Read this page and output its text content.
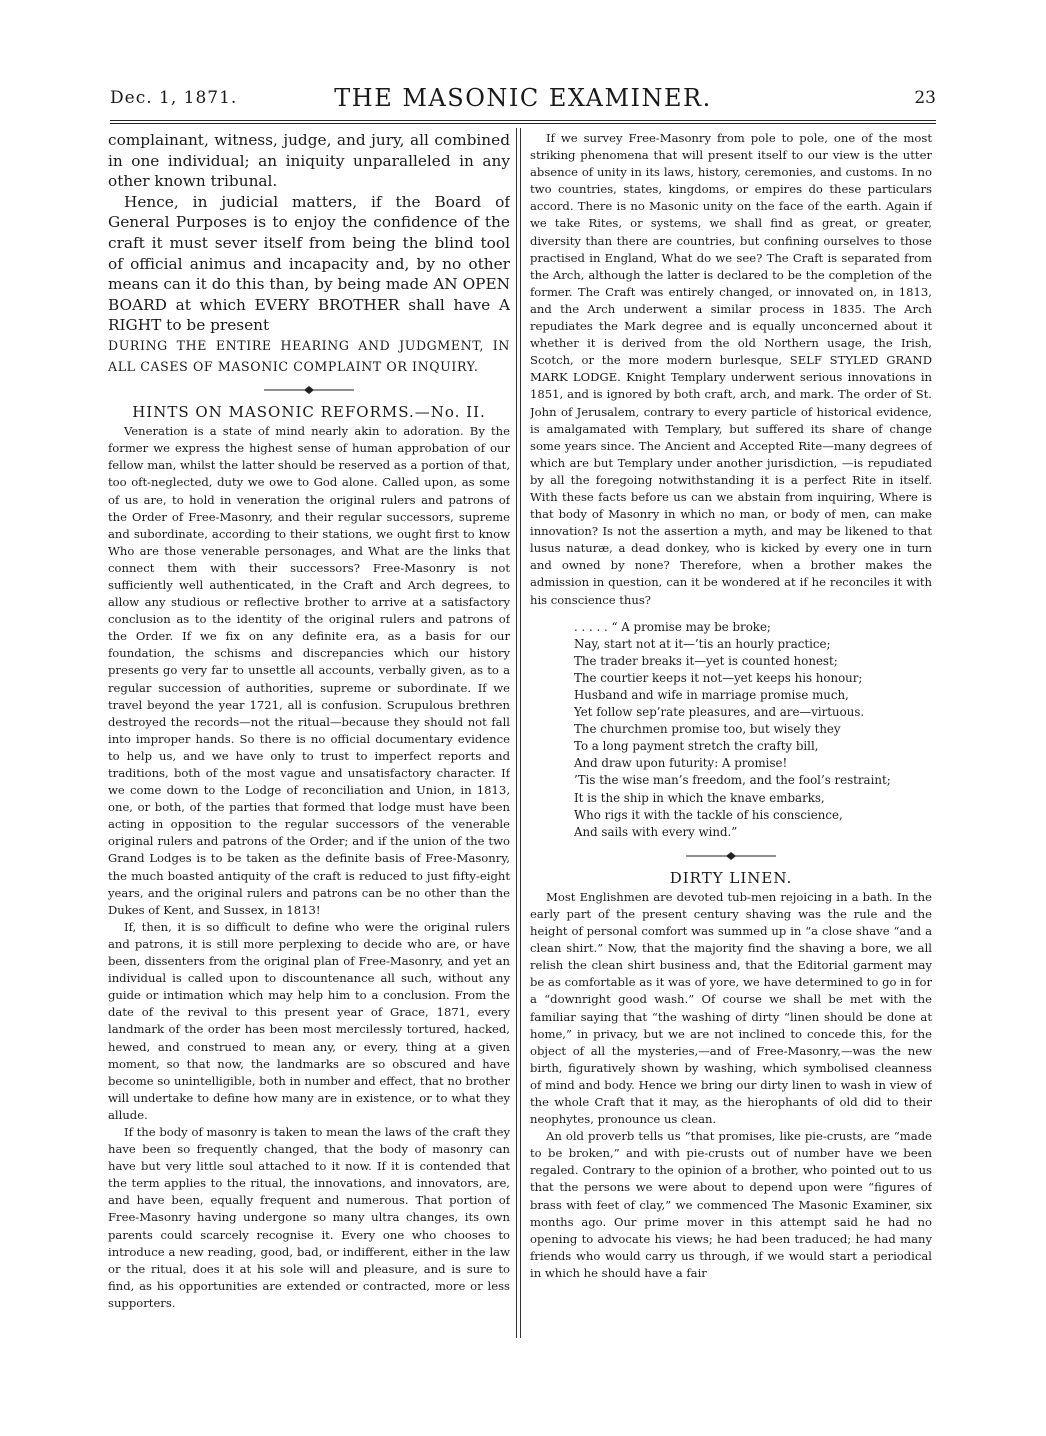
Dec. 1, 1871.	THE MASONIC EXAMINER.	23

complainant, witness, judge, and jury, all combined in one individual; an iniquity unparalleled in any other known tribunal.

Hence, in judicial matters, if the Board of General Purposes is to enjoy the confidence of the craft it must sever itself from being the blind tool of official animus and incapacity and, by no other means can it do this than, by being made AN OPEN BOARD at which EVERY BROTHER shall have A RIGHT to be present

DURING THE ENTIRE HEARING AND JUDGMENT, IN ALL CASES OF MASONIC COMPLAINT OR INQUIRY.

HINTS ON MASONIC REFORMS.—No. II.

Veneration is a state of mind nearly akin to adoration. By the former we express the highest sense of human approbation of our fellow man, whilst the latter should be reserved as a portion of that, too oft-neglected, duty we owe to God alone. Called upon, as some of us are, to hold in veneration the original rulers and patrons of the Order of Free-Masonry, and their regular successors, supreme and subordinate, according to their stations, we ought first to know Who are those venerable personages, and What are the links that connect them with their successors? Free-Masonry is not sufficiently well authenticated, in the Craft and Arch degrees, to allow any studious or reflective brother to arrive at a satisfactory conclusion as to the identity of the original rulers and patrons of the Order. If we fix on any definite era, as a basis for our foundation, the schisms and discrepancies which our history presents go very far to unsettle all accounts, verbally given, as to a regular succession of authorities, supreme or subordinate. If we travel beyond the year 1721, all is confusion. Scrupulous brethren destroyed the records—not the ritual—because they should not fall into improper hands. So there is no official documentary evidence to help us, and we have only to trust to imperfect reports and traditions, both of the most vague and unsatisfactory character. If we come down to the Lodge of reconciliation and Union, in 1813, one, or both, of the parties that formed that lodge must have been acting in opposition to the regular successors of the venerable original rulers and patrons of the Order; and if the union of the two Grand Lodges is to be taken as the definite basis of Free-Masonry, the much boasted antiquity of the craft is reduced to just fifty-eight years, and the original rulers and patrons can be no other than the Dukes of Kent, and Sussex, in 1813!

If, then, it is so difficult to define who were the original rulers and patrons, it is still more perplexing to decide who are, or have been, dissenters from the original plan of Free-Masonry, and yet an individual is called upon to discountenance all such, without any guide or intimation which may help him to a conclusion. From the date of the revival to this present year of Grace, 1871, every landmark of the order has been most mercilessly tortured, hacked, hewed, and construed to mean any, or every, thing at a given moment, so that now, the landmarks are so obscured and have become so unintelligible, both in number and effect, that no brother will undertake to define how many are in existence, or to what they allude.

If the body of masonry is taken to mean the laws of the craft they have been so frequently changed, that the body of masonry can have but very little soul attached to it now. If it is contended that the term applies to the ritual, the innovations, and innovators, are, and have been, equally frequent and numerous. That portion of Free-Masonry having undergone so many ultra changes, its own parents could scarcely recognise it. Every one who chooses to introduce a new reading, good, bad, or indifferent, either in the law or the ritual, does it at his sole will and pleasure, and is sure to find, as his opportunities are extended or contracted, more or less supporters.

If we survey Free-Masonry from pole to pole, one of the most striking phenomena that will present itself to our view is the utter absence of unity in its laws, history, ceremonies, and customs. In no two countries, states, kingdoms, or empires do these particulars accord. There is no Masonic unity on the face of the earth. Again if we take Rites, or systems, we shall find as great, or greater, diversity than there are countries, but confining ourselves to those practised in England, What do we see? The Craft is separated from the Arch, although the latter is declared to be the completion of the former. The Craft was entirely changed, or innovated on, in 1813, and the Arch underwent a similar process in 1835. The Arch repudiates the Mark degree and is equally unconcerned about it whether it is derived from the old Northern usage, the Irish, Scotch, or the more modern burlesque, SELF STYLED GRAND MARK LODGE. Knight Templary underwent serious innovations in 1851, and is ignored by both craft, arch, and mark. The order of St. John of Jerusalem, contrary to every particle of historical evidence, is amalgamated with Templary, but suffered its share of change some years since. The Ancient and Accepted Rite—many degrees of which are but Templary under another jurisdiction, —is repudiated by all the foregoing notwithstanding it is a perfect Rite in itself. With these facts before us can we abstain from inquiring, Where is that body of Masonry in which no man, or body of men, can make innovation? Is not the assertion a myth, and may be likened to that lusus naturæ, a dead donkey, who is kicked by every one in turn and owned by none? Therefore, when a brother makes the admission in question, can it be wondered at if he reconciles it with his conscience thus?

. . . . . “ A promise may be broke;

Nay, start not at it—’tis an hourly practice;

The trader breaks it—yet is counted honest;

The courtier keeps it not—yet keeps his honour;

Husband and wife in marriage promise much,

Yet follow sep’rate pleasures, and are—virtuous.

The churchmen promise too, but wisely they

To a long payment stretch the crafty bill,

And draw upon futurity: A promise!

’Tis the wise man’s freedom, and the fool’s restraint;

It is the ship in which the knave embarks,

Who rigs it with the tackle of his conscience,

And sails with every wind.”

DIRTY LINEN.

Most Englishmen are devoted tub-men rejoicing in a bath. In the early part of the present century shaving was the rule and the height of personal comfort was summed up in “a close shave “and a clean shirt.” Now, that the majority find the shaving a bore, we all relish the clean shirt business and, that the Editorial garment may be as comfortable as it was of yore, we have determined to go in for a “downright good wash.” Of course we shall be met with the familiar saying that “the washing of dirty “linen should be done at home,” in privacy, but we are not inclined to concede this, for the object of all the mysteries,—and of Free-Masonry,—was the new birth, figuratively shown by washing, which symbolised cleanness of mind and body. Hence we bring our dirty linen to wash in view of the whole Craft that it may, as the hierophants of old did to their neophytes, pronounce us clean.

An old proverb tells us “that promises, like pie-crusts, are “made to be broken,” and with pie-crusts out of number have we been regaled. Contrary to the opinion of a brother, who pointed out to us that the persons we were about to depend upon were “figures of brass with feet of clay,” we commenced The Masonic Examiner, six months ago. Our prime mover in this attempt said he had no opening to advocate his views; he had been traduced; he had many friends who would carry us through, if we would start a periodical in which he should have a fair
